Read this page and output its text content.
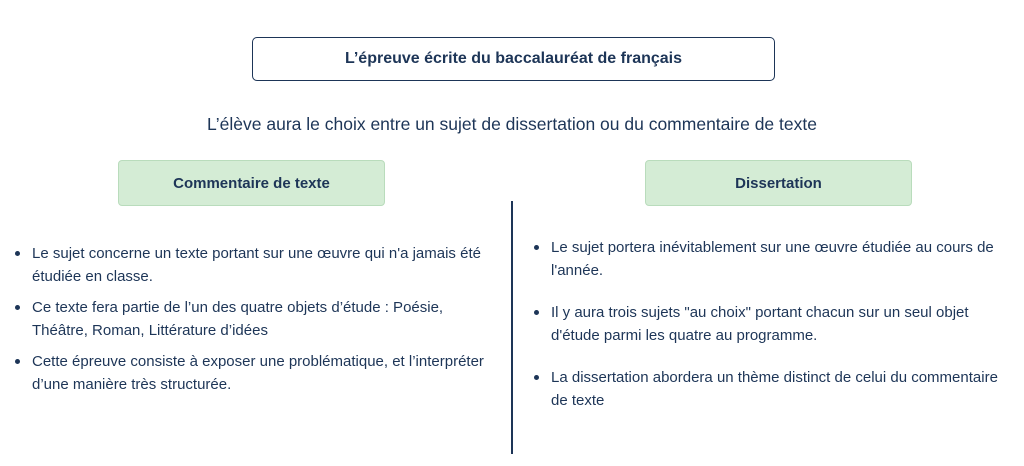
L’épreuve écrite du baccalauréat de français
L’élève aura le choix entre un sujet de dissertation ou du commentaire de texte
Commentaire de texte	Dissertation
Le sujet concerne un texte portant sur une œuvre qui n'a jamais été étudiée en classe.
Ce texte fera partie de l’un des quatre objets d’étude : Poésie, Théâtre, Roman, Littérature d’idées
Cette épreuve consiste à exposer une problématique, et l’interpréter d’une manière très structurée.
Le sujet portera inévitablement sur une œuvre étudiée au cours de l'année.
Il y aura trois sujets "au choix" portant chacun sur un seul objet d'étude parmi les quatre au programme.
La dissertation abordera un thème distinct de celui du commentaire de texte
